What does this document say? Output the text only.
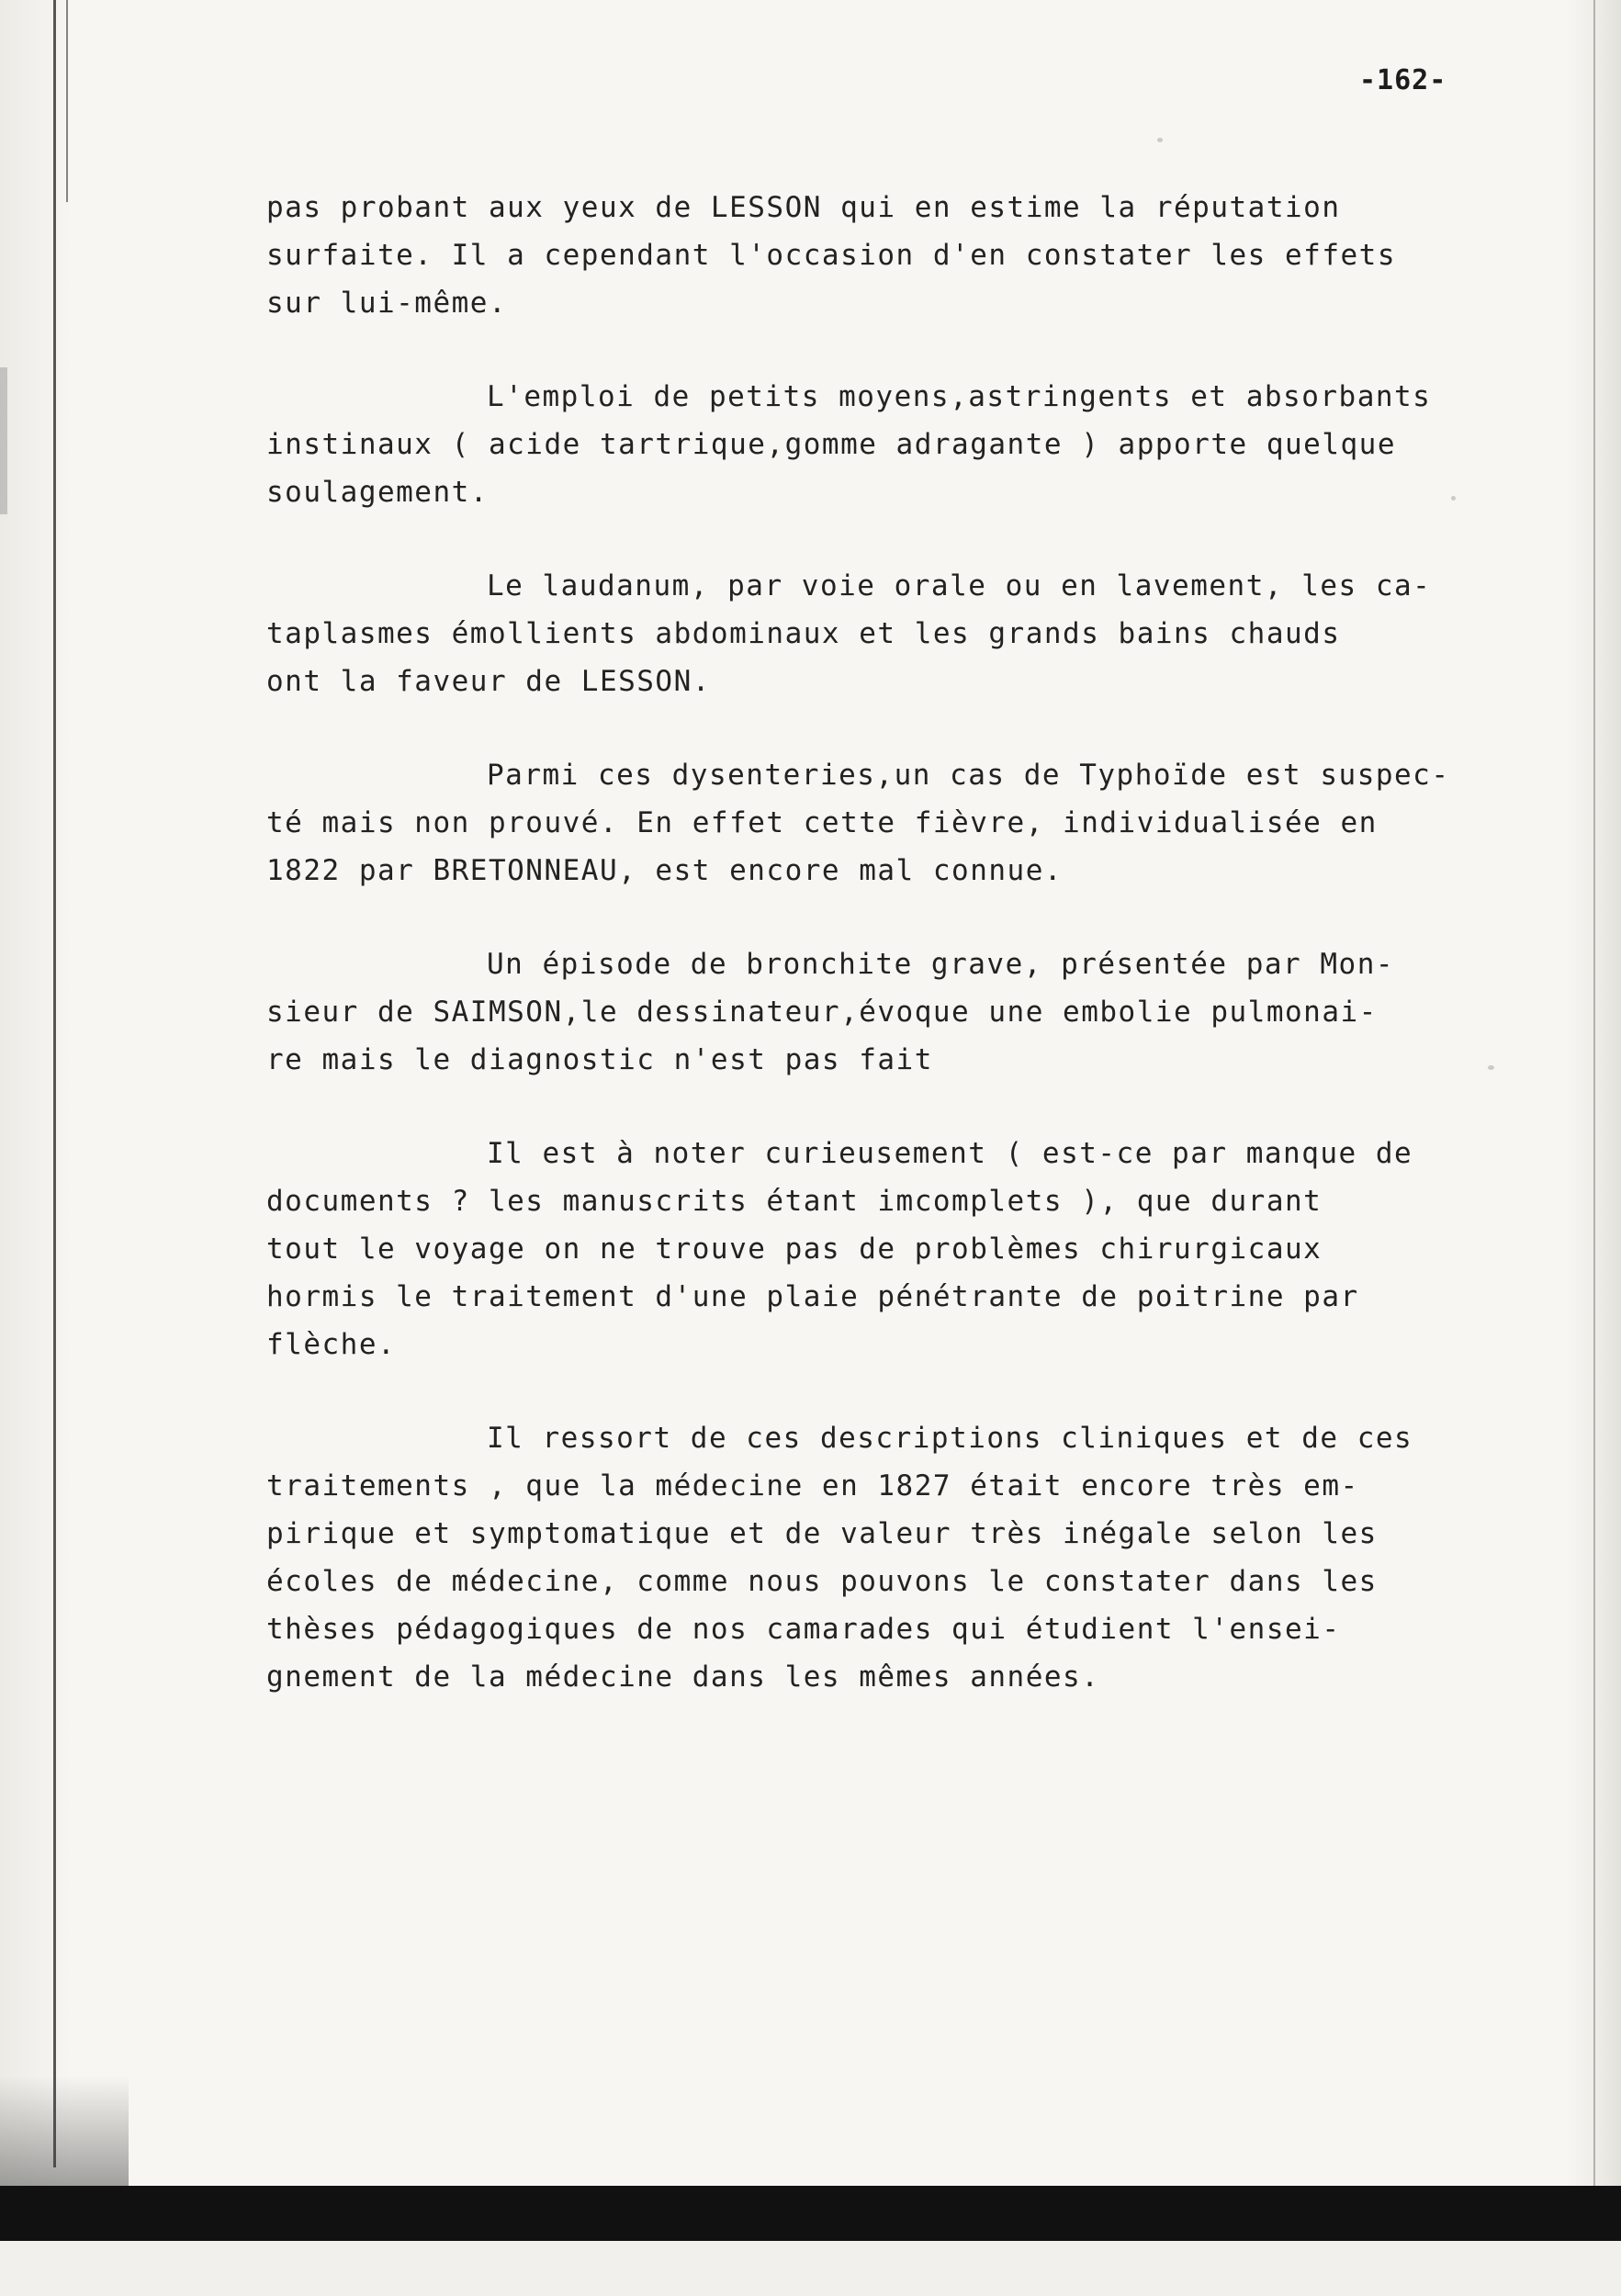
-162-

pas probant aux yeux de LESSON qui en estime la réputation
surfaite. Il a cependant l'occasion d'en constater les effets
sur lui-même.

L'emploi de petits moyens,astringents et absorbants
instinaux ( acide tartrique,gomme adragante ) apporte quelque
soulagement.

Le laudanum, par voie orale ou en lavement, les ca-
taplasmes émollients abdominaux et les grands bains chauds
ont la faveur de LESSON.

Parmi ces dysenteries,un cas de Typhoïde est suspec-
té mais non prouvé. En effet cette fièvre, individualisée en
1822 par BRETONNEAU, est encore mal connue.

Un épisode de bronchite grave, présentée par Mon-
sieur de SAIMSON,le dessinateur,évoque une embolie pulmonai-
re mais le diagnostic n'est pas fait

Il est à noter curieusement ( est-ce par manque de
documents ? les manuscrits étant imcomplets ), que durant
tout le voyage on ne trouve pas de problèmes chirurgicaux
hormis le traitement d'une plaie pénétrante de poitrine par
flèche.

Il ressort de ces descriptions cliniques et de ces
traitements , que la médecine en 1827 était encore très em-
pirique et symptomatique et de valeur très inégale selon les
écoles de médecine, comme nous pouvons le constater dans les
thèses pédagogiques de nos camarades qui étudient l'ensei-
gnement de la médecine dans les mêmes années.
